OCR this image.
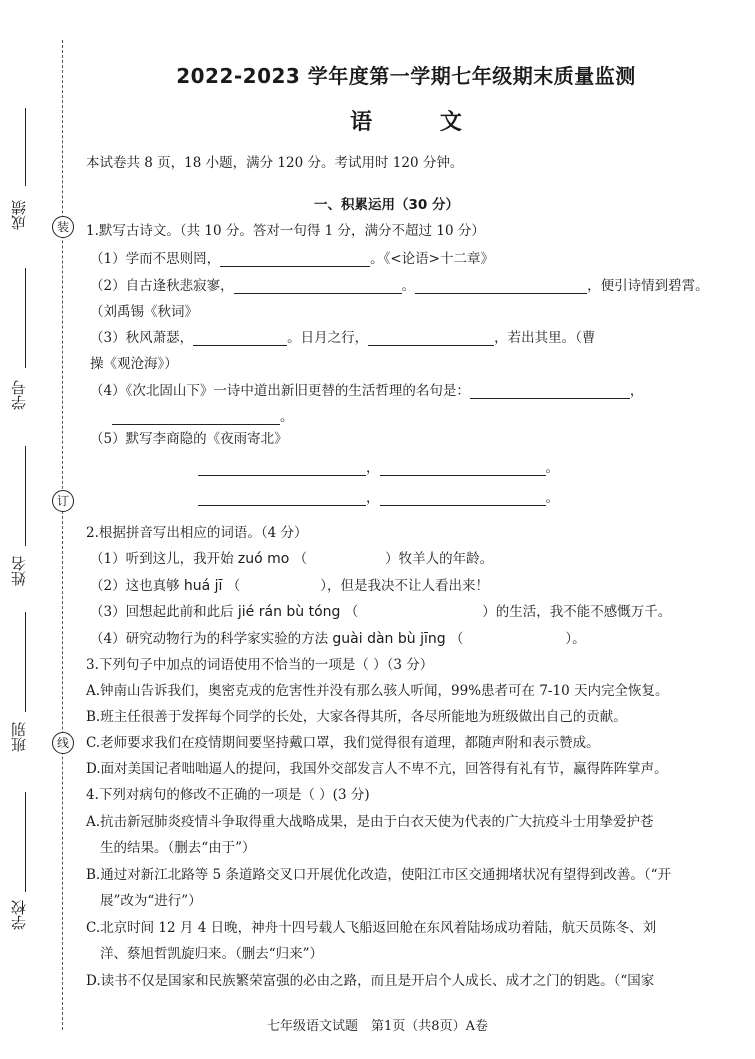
成绩
学号
姓名
班别
学校
装
订
线
2022-2023 学年度第一学期七年级期末质量监测
语 文
本试卷共 8 页，18 小题，满分 120 分。考试用时 120 分钟。
一、积累运用（30 分）
1.默写古诗文。（共 10 分。答对一句得 1 分，满分不超过 10 分）
（1）学而不思则罔，	。《<论语>十二章》
（2）自古逢秋悲寂寥，	。	，便引诗情到碧霄。
（刘禹锡《秋词》
（3）秋风萧瑟，	。日月之行，	，若出其里。（曹
操《观沧海》）
（4）《次北固山下》一诗中道出新旧更替的生活哲理的名句是：	，
。
（5）默写李商隐的《夜雨寄北》
，	。
，	。
2.根据拼音写出相应的词语。（4 分）
（1）听到这儿，我开始 zuó mo （	）牧羊人的年龄。
（2）这也真够 huá jī （	），但是我决不让人看出来！
（3）回想起此前和此后 jié rán bù tóng （	）的生活，我不能不感慨万千。
（4）研究动物行为的科学家实验的方法 guài dàn bù jīng （	）。
3.下列句子中加点的词语使用不恰当的一项是（ ）（3 分）
A.钟南山告诉我们，奥密克戎的危害性并没有那么骇人听闻，99%患者可在 7-10 天内完全恢复。
B.班主任很善于发挥每个同学的长处，大家各得其所，各尽所能地为班级做出自己的贡献。
C.老师要求我们在疫情期间要坚持戴口罩，我们觉得很有道理，都随声附和表示赞成。
D.面对美国记者咄咄逼人的提问，我国外交部发言人不卑不亢，回答得有礼有节，赢得阵阵掌声。
4.下列对病句的修改不正确的一项是（ ）(3 分)
A.抗击新冠肺炎疫情斗争取得重大战略成果，是由于白衣天使为代表的广大抗疫斗士用挚爱护苍
生的结果。（删去“由于”）
B.通过对新江北路等 5 条道路交叉口开展优化改造，使阳江市区交通拥堵状况有望得到改善。（“开
展”改为“进行”）
C.北京时间 12 月 4 日晚，神舟十四号载人飞船返回舱在东风着陆场成功着陆，航天员陈冬、刘
洋、蔡旭哲凯旋归来。（删去“归来”）
D.读书不仅是国家和民族繁荣富强的必由之路，而且是开启个人成长、成才之门的钥匙。（“国家
七年级语文试题　第1页（共8页）A卷
